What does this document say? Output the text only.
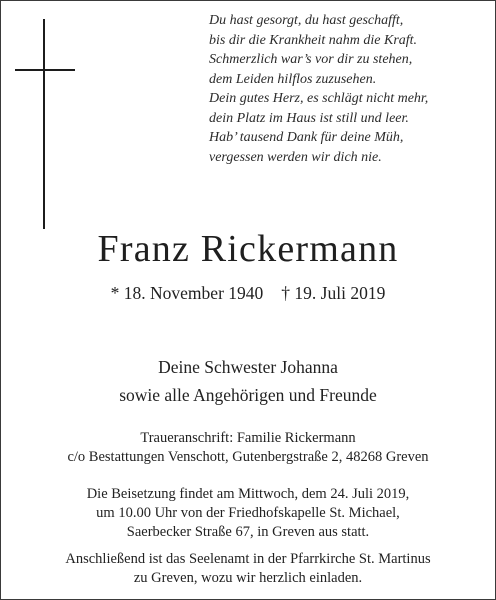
Du hast gesorgt, du hast geschafft,
bis dir die Krankheit nahm die Kraft.
Schmerzlich war’s vor dir zu stehen,
dem Leiden hilflos zuzusehen.
Dein gutes Herz, es schlägt nicht mehr,
dein Platz im Haus ist still und leer.
Hab’ tausend Dank für deine Müh,
vergessen werden wir dich nie.
Franz Rickermann
* 18. November 1940 † 19. Juli 2019
Deine Schwester Johanna
sowie alle Angehörigen und Freunde
Traueranschrift: Familie Rickermann
c/o Bestattungen Venschott, Gutenbergstraße 2, 48268 Greven
Die Beisetzung findet am Mittwoch, dem 24. Juli 2019,
um 10.00 Uhr von der Friedhofskapelle St. Michael,
Saerbecker Straße 67, in Greven aus statt.
Anschließend ist das Seelenamt in der Pfarrkirche St. Martinus
zu Greven, wozu wir herzlich einladen.
